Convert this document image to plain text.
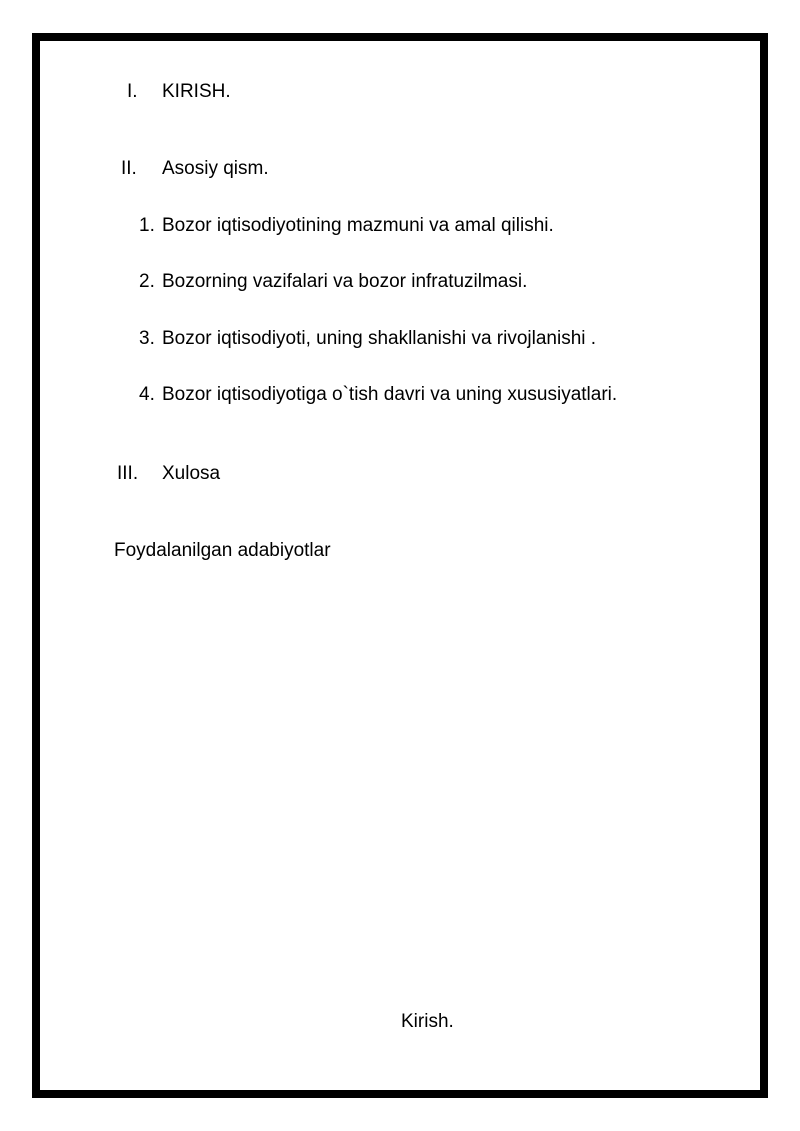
I. KIRISH.
II. Asosiy qism.
1. Bozor iqtisodiyotining mazmuni va amal qilishi.
2. Bozorning vazifalari va bozor infratuzilmasi.
3. Bozor iqtisodiyoti, uning shakllanishi va rivojlanishi .
4. Bozor iqtisodiyotiga o`tish davri va uning xususiyatlari.
III. Xulosa
Foydalanilgan adabiyotlar
Kirish.
